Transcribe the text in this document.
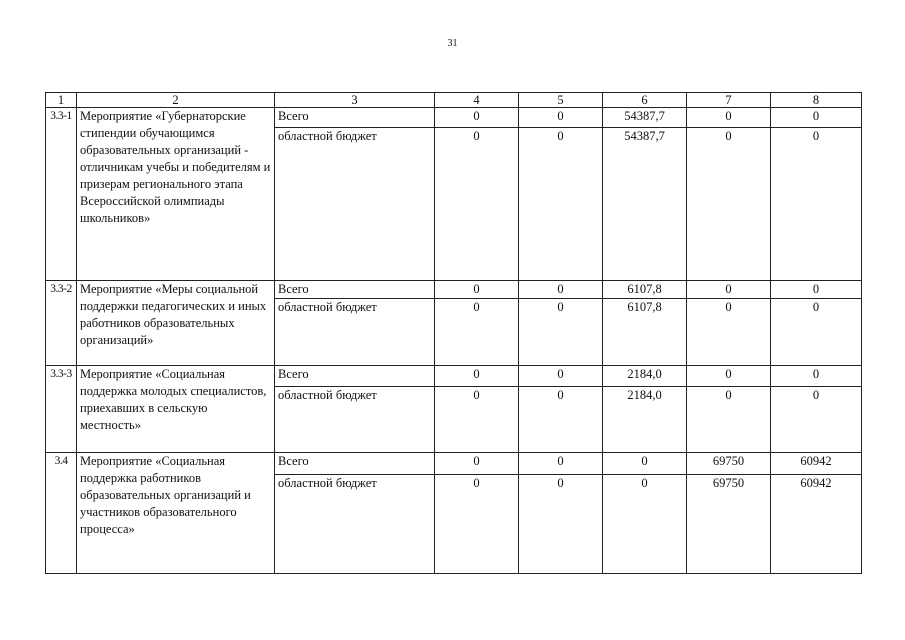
31
1	2	3	4	5	6	7	8
3.3-1	Мероприятие «Губернаторские стипендии обучающимся образовательных организаций - отличникам учебы и победителям и призерам регионального этапа Всероссийской олимпиады школьников»	Всего	0	0	54387,7	0	0
		областной бюджет	0	0	54387,7	0	0
3.3-2	Мероприятие «Меры социальной поддержки педагогических и иных работников образовательных организаций»	Всего	0	0	6107,8	0	0
		областной бюджет	0	0	6107,8	0	0
3.3-3	Мероприятие «Социальная поддержка молодых специалистов, приехавших в сельскую местность»	Всего	0	0	2184,0	0	0
		областной бюджет	0	0	2184,0	0	0
3.4	Мероприятие «Социальная поддержка работников образовательных организаций и участников образовательного процесса»	Всего	0	0	0	69750	60942
		областной бюджет	0	0	0	69750	60942
